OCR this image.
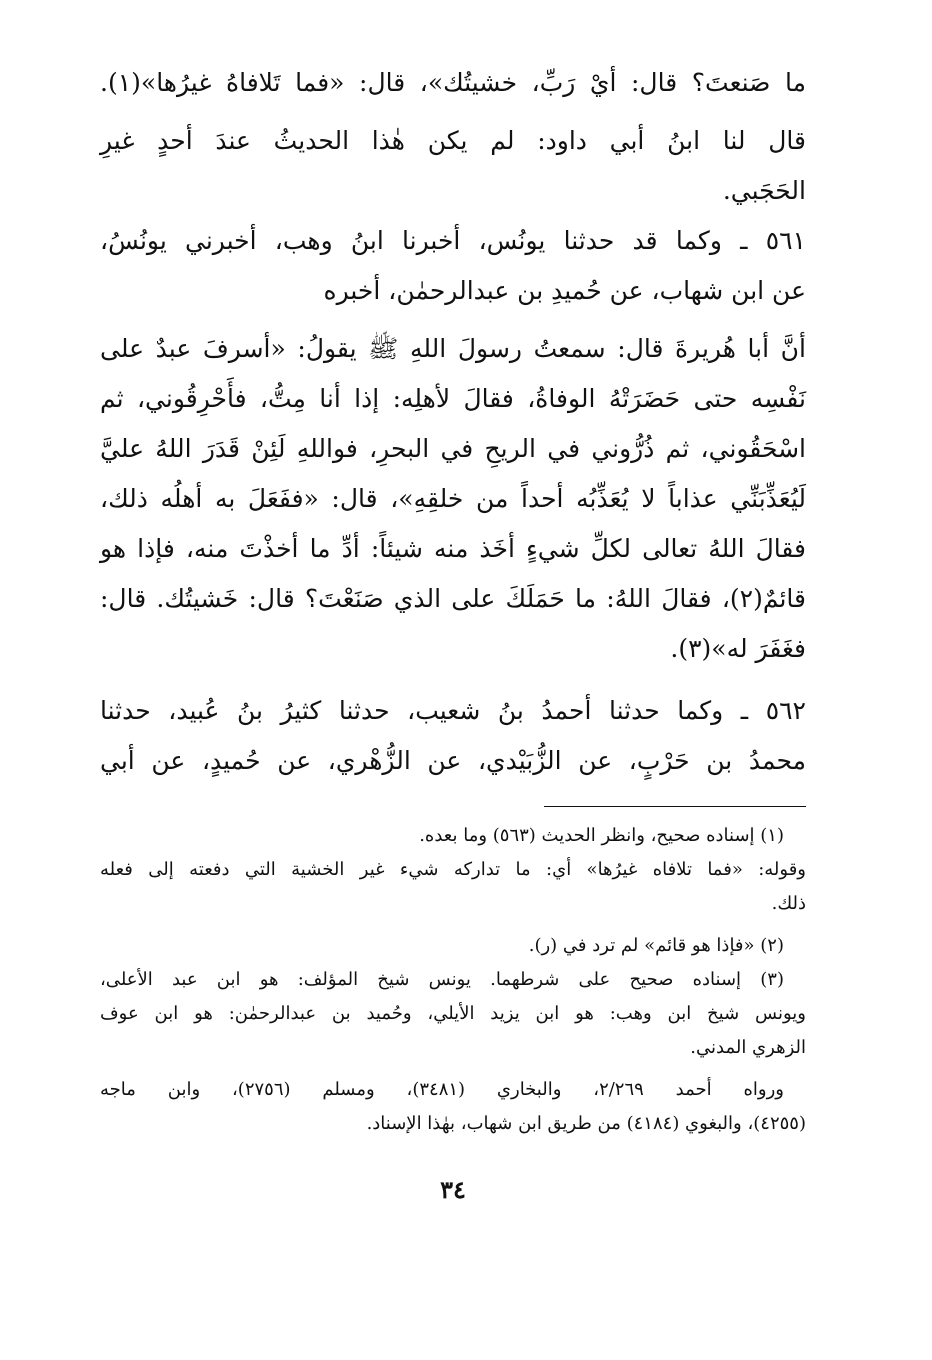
ما صَنعتَ؟ قال: أيْ رَبِّ، خشيتُك»، قال: «فما تَلافاهُ غيرُها»(١).
قال لنا ابنُ أبي داود: لم يكن هٰذا الحديثُ عندَ أحدٍ غيرِ
الحَجَبي.
٥٦١ ـ وكما قد حدثنا يونُس، أخبرنا ابنُ وهب، أخبرني يونُسُ،
عن ابن شهاب، عن حُميدِ بن عبدالرحمٰن، أخبره
أنَّ أبا هُريرةَ قال: سمعتُ رسولَ اللهِ ﷺ يقولُ: «أسرفَ عبدٌ على
نَفْسِه حتى حَضَرَتْهُ الوفاةُ، فقالَ لأهلِه: إذا أنا مِتُّ، فأَحْرِقُوني، ثم
اسْحَقُوني، ثم ذُرُّوني في الريحِ في البحرِ، فواللهِ لَئِنْ قَدَرَ اللهُ عليَّ
لَيُعَذِّبَنِّي عذاباً لا يُعَذِّبُه أحداً من خلقِهِ»، قال: «ففَعَلَ به أهلُه ذلك،
فقالَ اللهُ تعالى لكلِّ شيءٍ أخَذ منه شيئاً: أدِّ ما أخذْتَ منه، فإذا هو
قائمٌ(٢)، فقالَ اللهُ: ما حَمَلَكَ على الذي صَنَعْتَ؟ قال: خَشيتُك. قال:
فغَفَرَ له»(٣).
٥٦٢ ـ وكما حدثنا أحمدُ بنُ شعيب، حدثنا كثيرُ بنُ عُبيد، حدثنا
محمدُ بن حَرْبٍ، عن الزُّبَيْدي، عن الزُّهْري، عن حُميدٍ، عن أبي
(١) إسناده صحيح، وانظر الحديث (٥٦٣) وما بعده.
وقوله: «فما تلافاه غيرُها» أي: ما تداركه شيء غير الخشية التي دفعته إلى فعله
ذلك.
(٢) «فإذا هو قائم» لم ترد في (ر).
(٣) إسناده صحيح على شرطهما. يونس شيخ المؤلف: هو ابن عبد الأعلى،
ويونس شيخ ابن وهب: هو ابن يزيد الأيلي، وحُميد بن عبدالرحمٰن: هو ابن عوف
الزهري المدني.
ورواه أحمد ٢/٢٦٩، والبخاري (٣٤٨١)، ومسلم (٢٧٥٦)، وابن ماجه
(٤٢٥٥)، والبغوي (٤١٨٤) من طريق ابن شهاب، بهٰذا الإسناد.
٣٤
